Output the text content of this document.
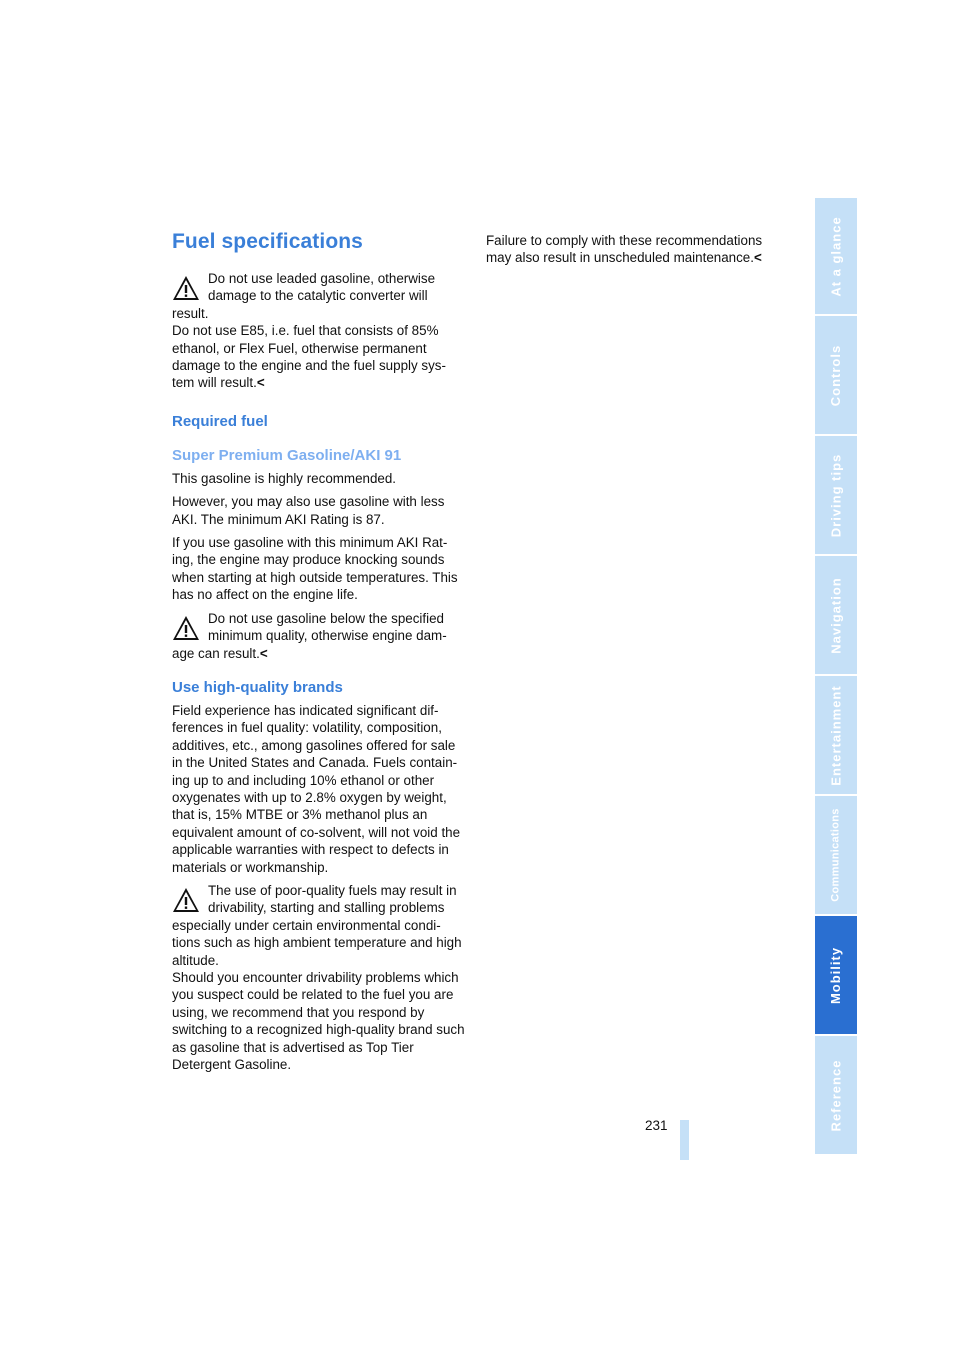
Fuel specifications

Do not use leaded gasoline, otherwise

damage to the catalytic converter will

result.

Do not use E85, i.e. fuel that consists of 85% ethanol, or Flex Fuel, otherwise permanent damage to the engine and the fuel supply sys-tem will result.<

Required fuel
Super Premium Gasoline/AKI 91

This gasoline is highly recommended.

However, you may also use gasoline with less AKI. The minimum AKI Rating is 87.

If you use gasoline with this minimum AKI Rat-ing, the engine may produce knocking sounds when starting at high outside temperatures. This has no affect on the engine life.

Do not use gasoline below the specified

minimum quality, otherwise engine dam-

age can result.<

Use high-quality brands

Field experience has indicated significant dif-ferences in fuel quality: volatility, composition, additives, etc., among gasolines offered for sale in the United States and Canada. Fuels contain-ing up to and including 10% ethanol or other oxygenates with up to 2.8% oxygen by weight, that is, 15% MTBE or 3% methanol plus an equivalent amount of co-solvent, will not void the applicable warranties with respect to defects in materials or workmanship.

The use of poor-quality fuels may result in

drivability, starting and stalling problems

especially under certain environmental condi-tions such as high ambient temperature and high altitude.

Should you encounter drivability problems which you suspect could be related to the fuel you are using, we recommend that you respond by switching to a recognized high-quality brand such as gasoline that is advertised as Top Tier Detergent Gasoline.

Failure to comply with these recommendations may also result in unscheduled maintenance.<	At a glance
Controls
Driving tips
Navigation
Entertainment
Communications
Mobility
Reference
231
